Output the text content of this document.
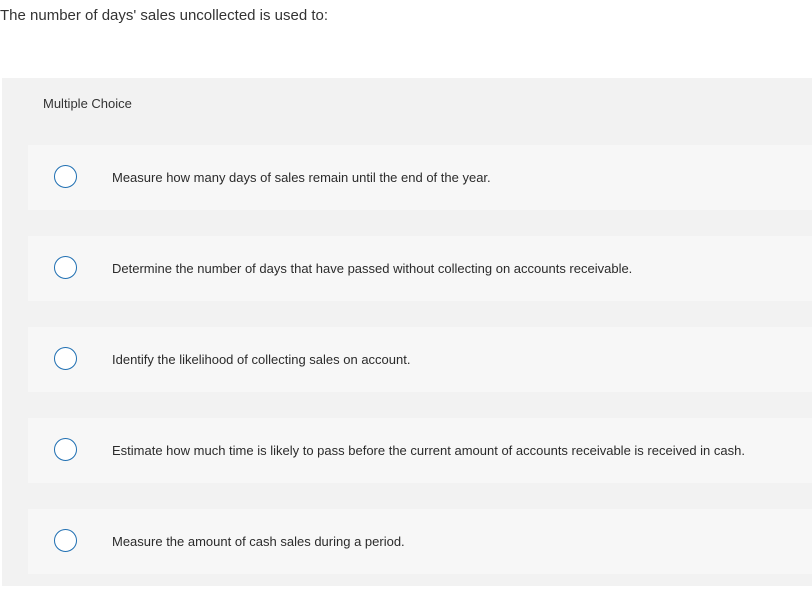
The number of days' sales uncollected is used to:
Multiple Choice
Measure how many days of sales remain until the end of the year.
Determine the number of days that have passed without collecting on accounts receivable.
Identify the likelihood of collecting sales on account.
Estimate how much time is likely to pass before the current amount of accounts receivable is received in cash.
Measure the amount of cash sales during a period.
